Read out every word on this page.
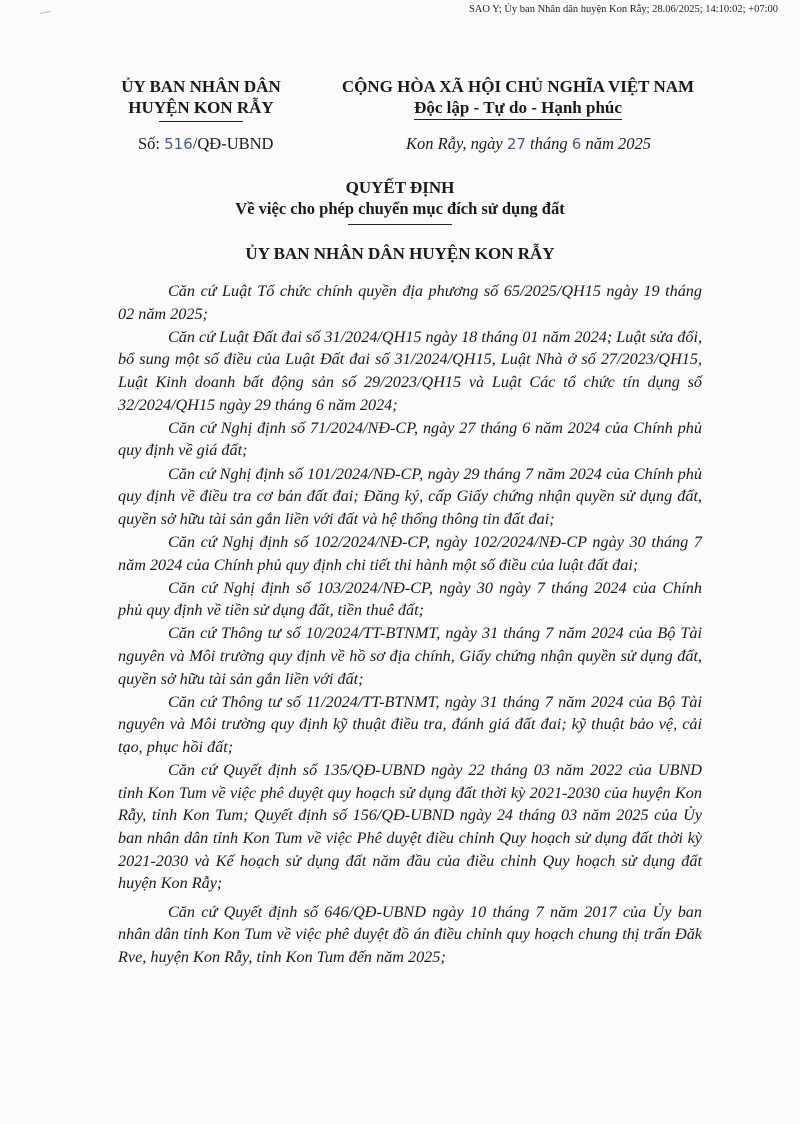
SAO Y; Ủy ban Nhân dân huyện Kon Rẫy; 28.06/2025; 14:10:02; +07:00
ỦY BAN NHÂN DÂN
HUYỆN KON RẪY
CỘNG HÒA XÃ HỘI CHỦ NGHĨA VIỆT NAM
Độc lập - Tự do - Hạnh phúc
Số: 516/QĐ-UBND	Kon Rẫy, ngày 27 tháng 6 năm 2025
QUYẾT ĐỊNH
Về việc cho phép chuyển mục đích sử dụng đất
ỦY BAN NHÂN DÂN HUYỆN KON RẪY

Căn cứ Luật Tổ chức chính quyền địa phương số 65/2025/QH15 ngày 19 tháng 02 năm 2025;

Căn cứ Luật Đất đai số 31/2024/QH15 ngày 18 tháng 01 năm 2024; Luật sửa đổi, bổ sung một số điều của Luật Đất đai số 31/2024/QH15, Luật Nhà ở số 27/2023/QH15, Luật Kinh doanh bất động sản số 29/2023/QH15 và Luật Các tổ chức tín dụng số 32/2024/QH15 ngày 29 tháng 6 năm 2024;

Căn cứ Nghị định số 71/2024/NĐ-CP, ngày 27 tháng 6 năm 2024 của Chính phủ quy định về giá đất;

Căn cứ Nghị định số 101/2024/NĐ-CP, ngày 29 tháng 7 năm 2024 của Chính phủ quy định về điều tra cơ bản đất đai; Đăng ký, cấp Giấy chứng nhận quyền sử dụng đất, quyền sở hữu tài sản gắn liền với đất và hệ thống thông tin đất đai;

Căn cứ Nghị định số 102/2024/NĐ-CP, ngày 102/2024/NĐ-CP ngày 30 tháng 7 năm 2024 của Chính phủ quy định chi tiết thi hành một số điều của luật đất đai;

Căn cứ Nghị định số 103/2024/NĐ-CP, ngày 30 ngày 7 tháng 2024 của Chính phủ quy định về tiền sử dụng đất, tiền thuê đất;

Căn cứ Thông tư số 10/2024/TT-BTNMT, ngày 31 tháng 7 năm 2024 của Bộ Tài nguyên và Môi trường quy định về hồ sơ địa chính, Giấy chứng nhận quyền sử dụng đất, quyền sở hữu tài sản gắn liền với đất;

Căn cứ Thông tư số 11/2024/TT-BTNMT, ngày 31 tháng 7 năm 2024 của Bộ Tài nguyên và Môi trường quy định kỹ thuật điều tra, đánh giá đất đai; kỹ thuật bảo vệ, cải tạo, phục hồi đất;

Căn cứ Quyết định số 135/QĐ-UBND ngày 22 tháng 03 năm 2022 của UBND tỉnh Kon Tum về việc phê duyệt quy hoạch sử dụng đất thời kỳ 2021-2030 của huyện Kon Rẫy, tỉnh Kon Tum; Quyết định số 156/QĐ-UBND ngày 24 tháng 03 năm 2025 của Ủy ban nhân dân tỉnh Kon Tum về việc Phê duyệt điều chỉnh Quy hoạch sử dụng đất thời kỳ 2021-2030 và Kế hoạch sử dụng đất năm đầu của điều chỉnh Quy hoạch sử dụng đất huyện Kon Rẫy;

Căn cứ Quyết định số 646/QĐ-UBND ngày 10 tháng 7 năm 2017 của Ủy ban nhân dân tỉnh Kon Tum về việc phê duyệt đồ án điều chỉnh quy hoạch chung thị trấn Đăk Rve, huyện Kon Rẫy, tỉnh Kon Tum đến năm 2025;
